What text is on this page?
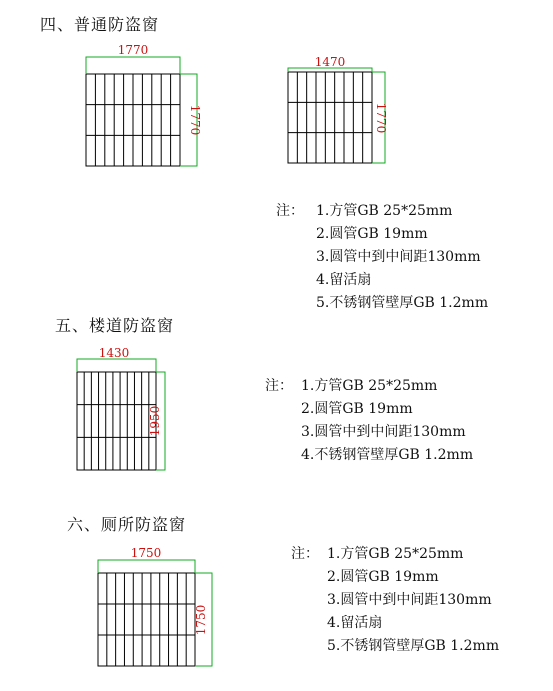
四、普通防盗窗
五、楼道防盗窗
六、厕所防盗窗
1770
1770
1470
1770
1430
1950
1750
1750
注： 1.方管GB 25*25mm
2.圆管GB 19mm
3.圆管中到中间距130mm
4.留活扇
5.不锈钢管壁厚GB 1.2mm
注： 1.方管GB 25*25mm
2.圆管GB 19mm
3.圆管中到中间距130mm
4.不锈钢管壁厚GB 1.2mm
注： 1.方管GB 25*25mm
2.圆管GB 19mm
3.圆管中到中间距130mm
4.留活扇
5.不锈钢管壁厚GB 1.2mm
